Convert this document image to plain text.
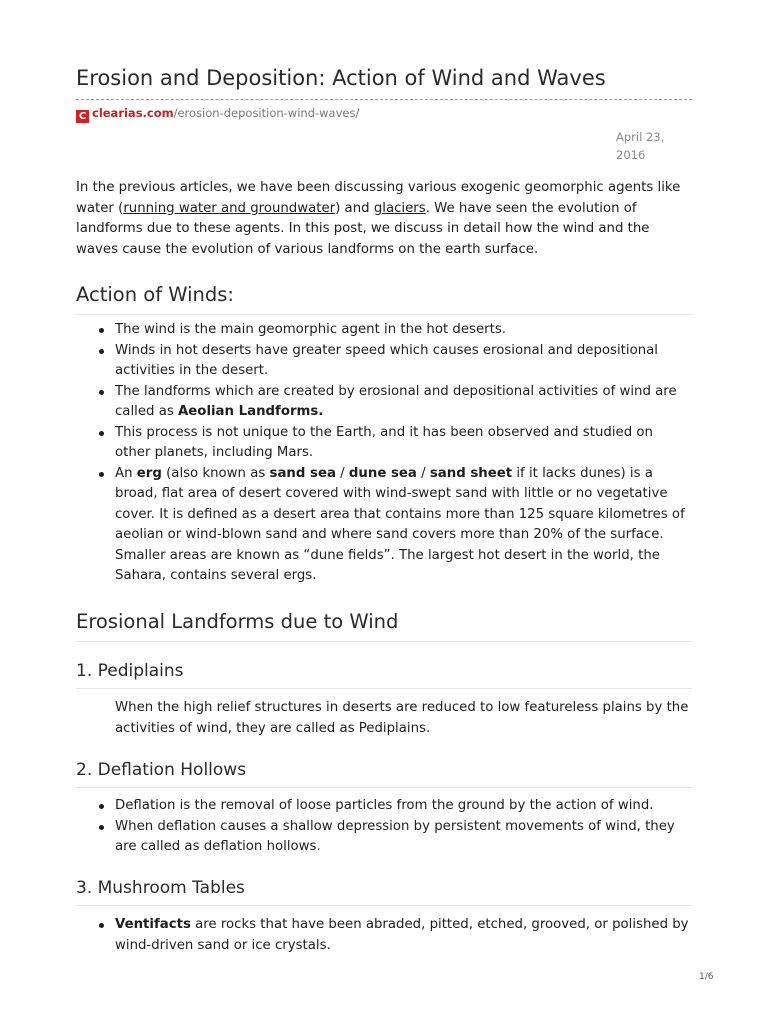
Erosion and Deposition: Action of Wind and Waves
C clearias.com/erosion-deposition-wind-waves/
April 23, 2016

In the previous articles, we have been discussing various exogenic geomorphic agents like water (running water and groundwater) and glaciers. We have seen the evolution of landforms due to these agents. In this post, we discuss in detail how the wind and the waves cause the evolution of various landforms on the earth surface.

Action of Winds:
The wind is the main geomorphic agent in the hot deserts.
Winds in hot deserts have greater speed which causes erosional and depositional activities in the desert.
The landforms which are created by erosional and depositional activities of wind are called as Aeolian Landforms.
This process is not unique to the Earth, and it has been observed and studied on other planets, including Mars.
An erg (also known as sand sea / dune sea / sand sheet if it lacks dunes) is a broad, flat area of desert covered with wind-swept sand with little or no vegetative cover. It is defined as a desert area that contains more than 125 square kilometres of aeolian or wind-blown sand and where sand covers more than 20% of the surface. Smaller areas are known as “dune fields”. The largest hot desert in the world, the Sahara, contains several ergs.
Erosional Landforms due to Wind
1. Pediplains

When the high relief structures in deserts are reduced to low featureless plains by the activities of wind, they are called as Pediplains.

2. Deflation Hollows
Deflation is the removal of loose particles from the ground by the action of wind.
When deflation causes a shallow depression by persistent movements of wind, they are called as deflation hollows.
3. Mushroom Tables
Ventifacts are rocks that have been abraded, pitted, etched, grooved, or polished by wind-driven sand or ice crystals.
1/6
